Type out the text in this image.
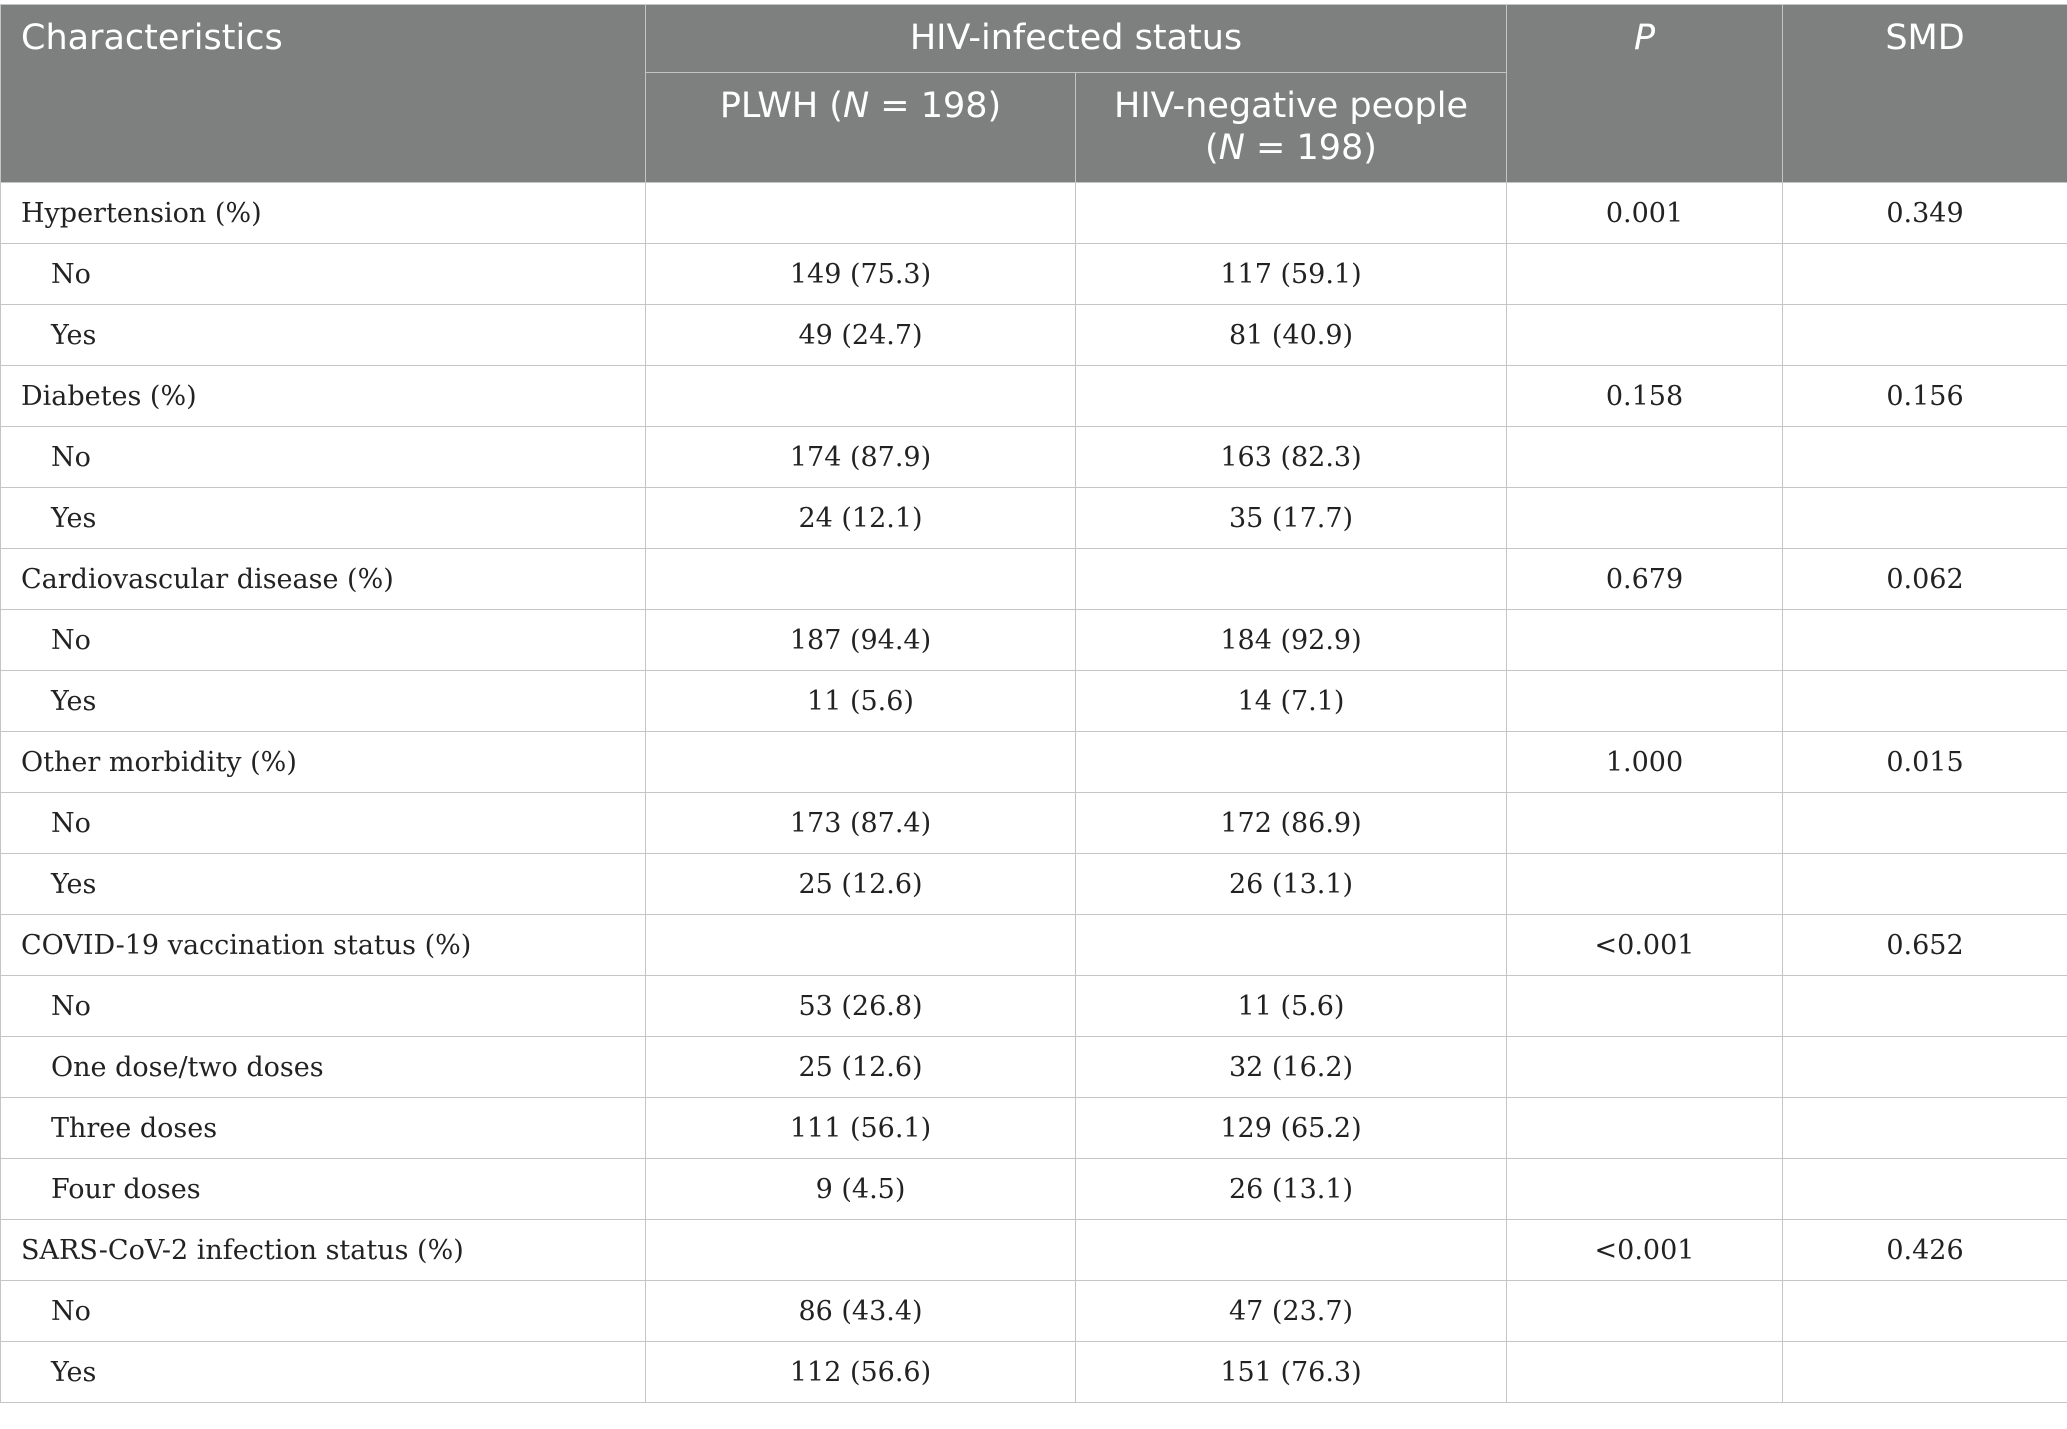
Characteristics	HIV-infected status		P	SMD
	PLWH (N = 198)	HIV-negative people
(N = 198)		
Hypertension (%)			0.001	0.349
No	149 (75.3)	117 (59.1)		
Yes	49 (24.7)	81 (40.9)		
Diabetes (%)			0.158	0.156
No	174 (87.9)	163 (82.3)		
Yes	24 (12.1)	35 (17.7)		
Cardiovascular disease (%)			0.679	0.062
No	187 (94.4)	184 (92.9)		
Yes	11 (5.6)	14 (7.1)		
Other morbidity (%)			1.000	0.015
No	173 (87.4)	172 (86.9)		
Yes	25 (12.6)	26 (13.1)		
COVID-19 vaccination status (%)			<0.001	0.652
No	53 (26.8)	11 (5.6)		
One dose/two doses	25 (12.6)	32 (16.2)		
Three doses	111 (56.1)	129 (65.2)		
Four doses	9 (4.5)	26 (13.1)		
SARS-CoV-2 infection status (%)			<0.001	0.426
No	86 (43.4)	47 (23.7)		
Yes	112 (56.6)	151 (76.3)		
